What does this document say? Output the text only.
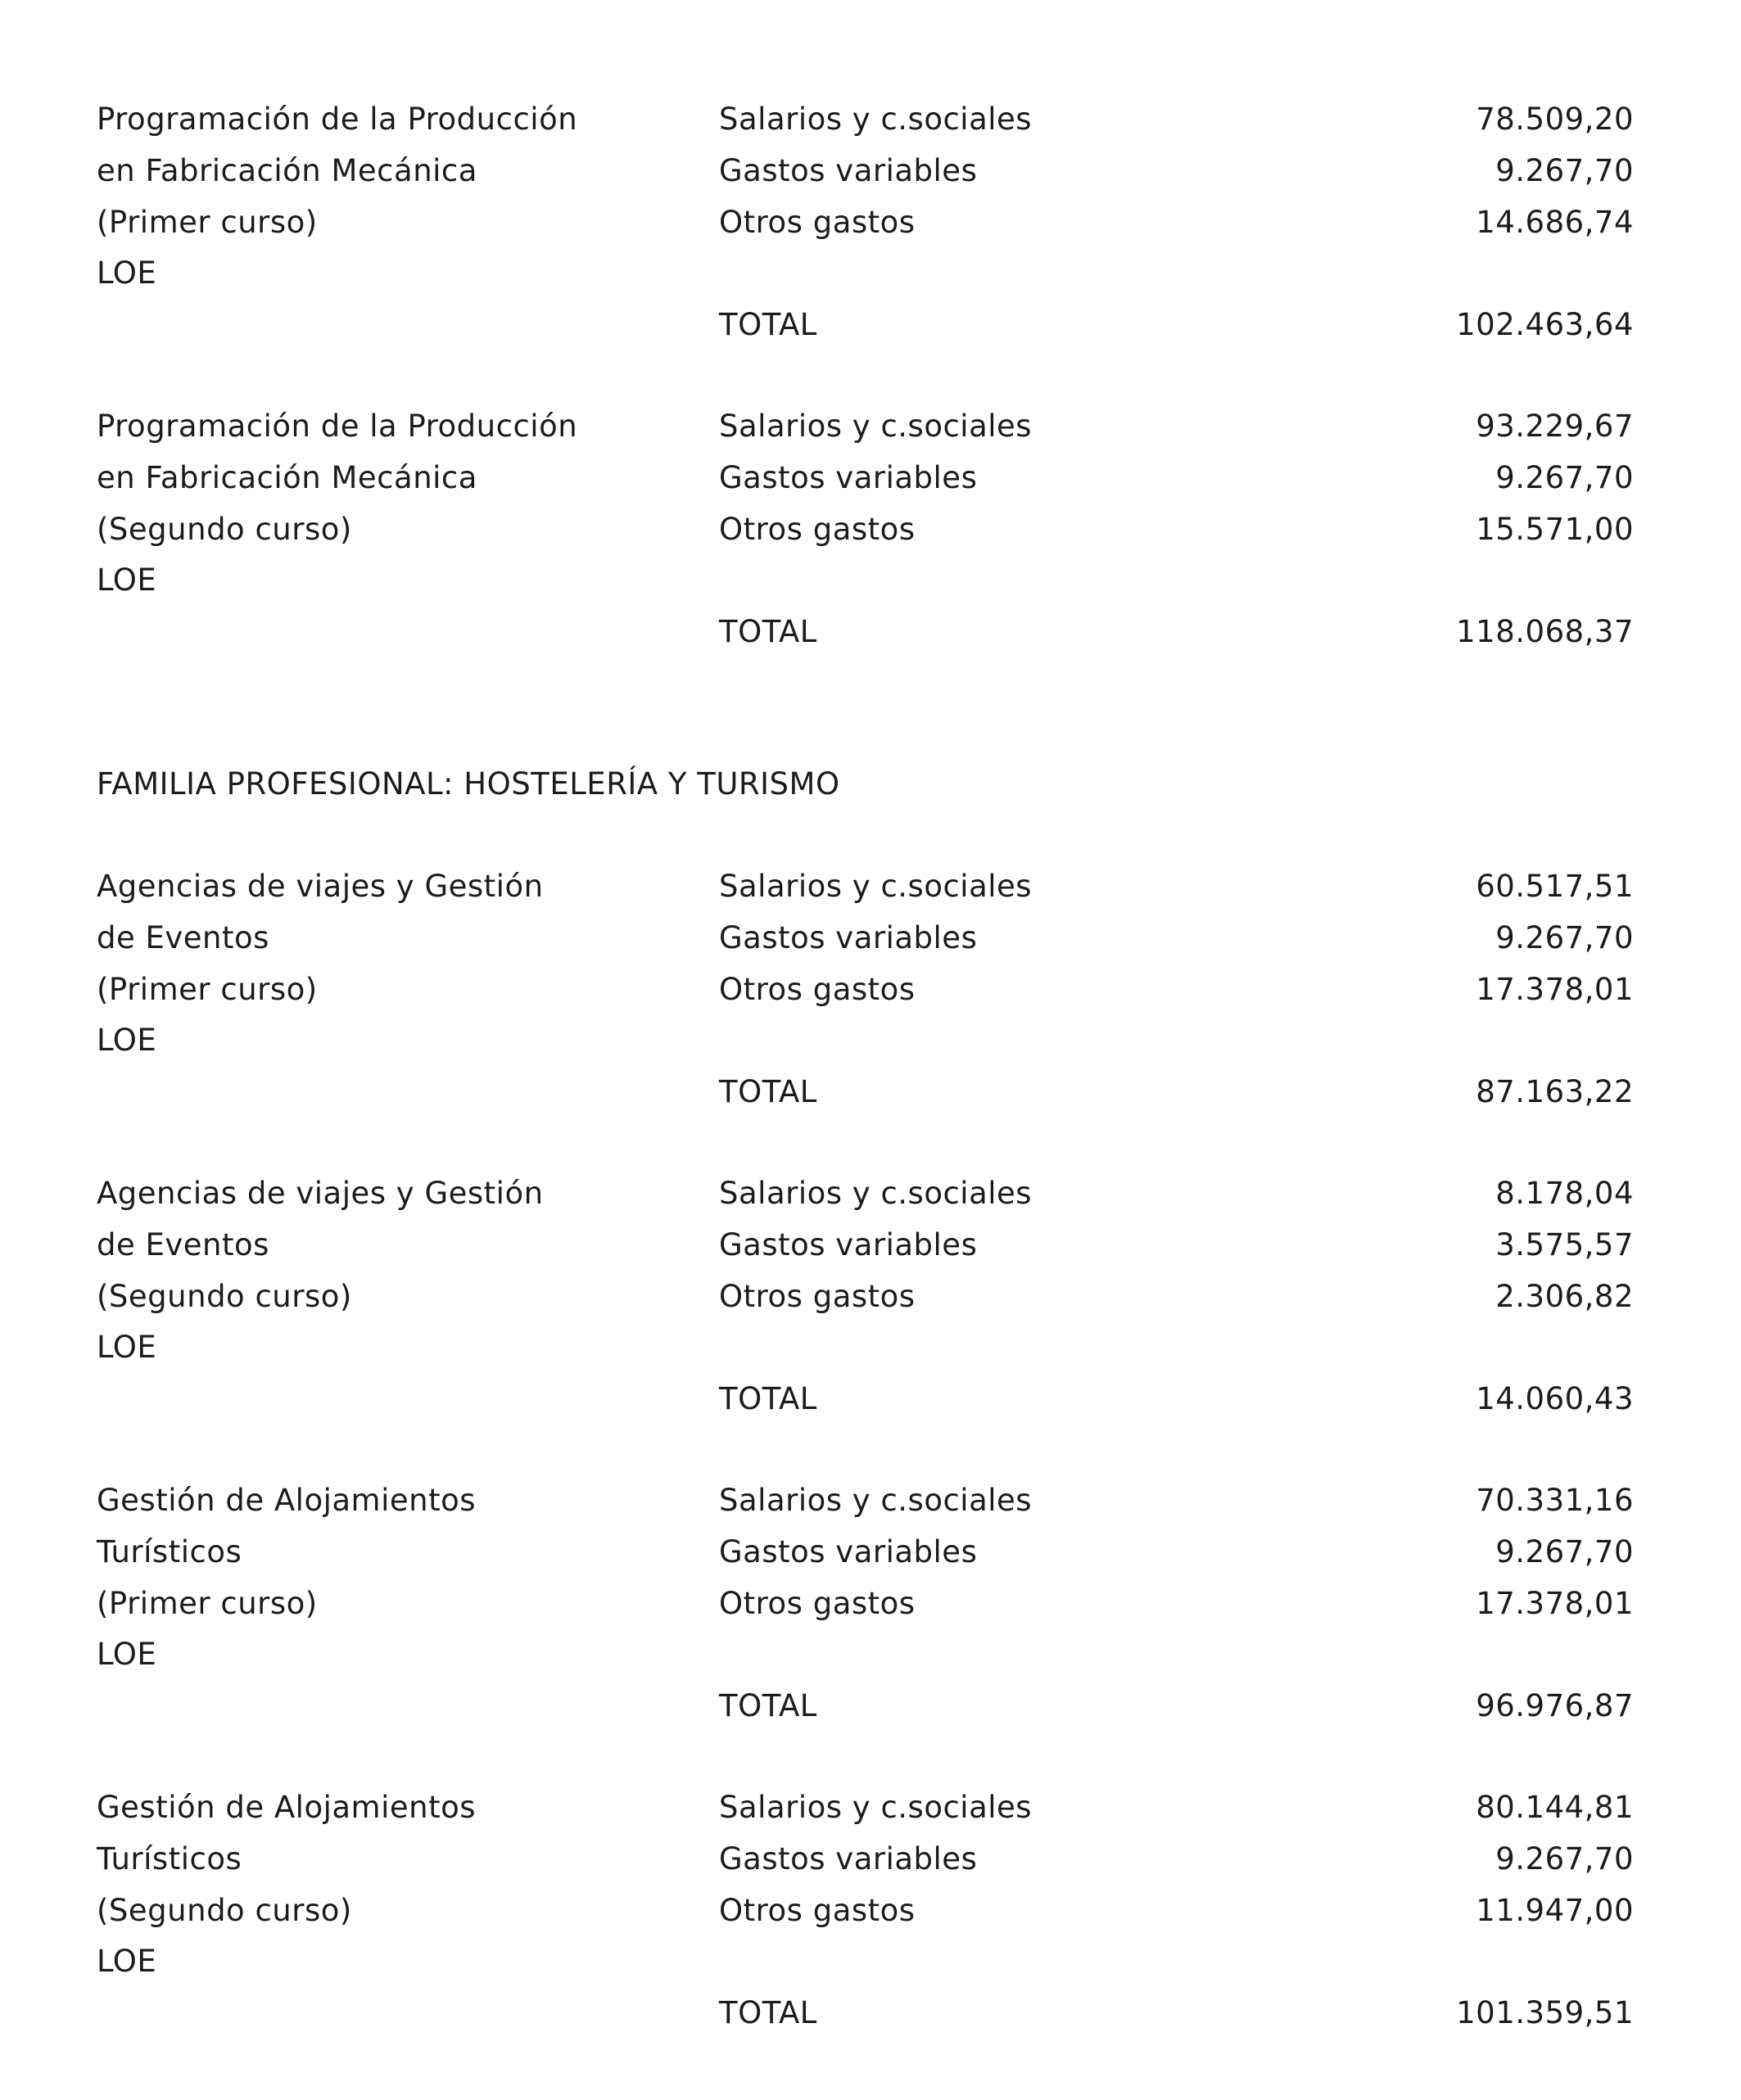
Programación de la Producción
en Fabricación Mecánica
(Primer curso)
LOE
Salarios y c.sociales	78.509,20
Gastos variables	9.267,70
Otros gastos	14.686,74
TOTAL	102.463,64
Programación de la Producción
en Fabricación Mecánica
(Segundo curso)
LOE
Salarios y c.sociales	93.229,67
Gastos variables	9.267,70
Otros gastos	15.571,00
TOTAL	118.068,37
FAMILIA PROFESIONAL: HOSTELERÍA Y TURISMO
Agencias de viajes y Gestión
de Eventos
(Primer curso)
LOE
Salarios y c.sociales	60.517,51
Gastos variables	9.267,70
Otros gastos	17.378,01
TOTAL	87.163,22
Agencias de viajes y Gestión
de Eventos
(Segundo curso)
LOE
Salarios y c.sociales	8.178,04
Gastos variables	3.575,57
Otros gastos	2.306,82
TOTAL	14.060,43
Gestión de Alojamientos
Turísticos
(Primer curso)
LOE
Salarios y c.sociales	70.331,16
Gastos variables	9.267,70
Otros gastos	17.378,01
TOTAL	96.976,87
Gestión de Alojamientos
Turísticos
(Segundo curso)
LOE
Salarios y c.sociales	80.144,81
Gastos variables	9.267,70
Otros gastos	11.947,00
TOTAL	101.359,51
